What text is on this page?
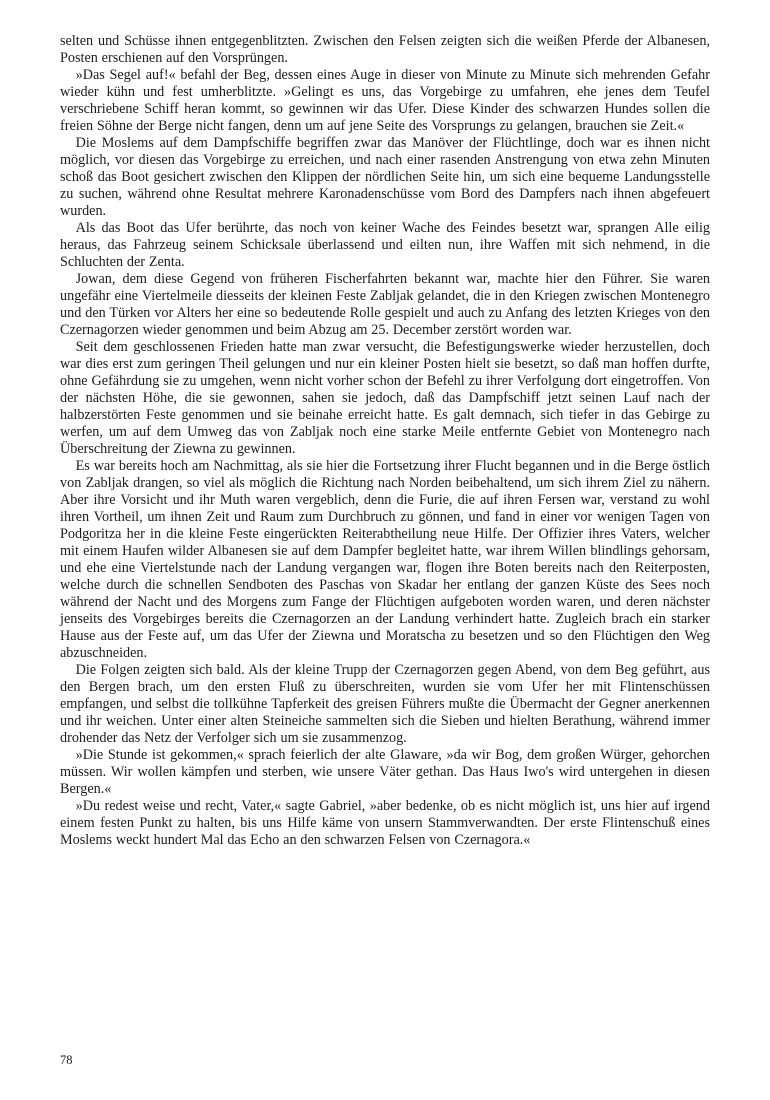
selten und Schüsse ihnen entgegenblitzten. Zwischen den Felsen zeigten sich die weißen Pferde der Albanesen, Posten erschienen auf den Vorsprüngen.

»Das Segel auf!« befahl der Beg, dessen eines Auge in dieser von Minute zu Minute sich mehrenden Gefahr wieder kühn und fest umherblitzte. »Gelingt es uns, das Vorgebirge zu umfahren, ehe jenes dem Teufel verschriebene Schiff heran kommt, so gewinnen wir das Ufer. Diese Kinder des schwarzen Hundes sollen die freien Söhne der Berge nicht fangen, denn um auf jene Seite des Vorsprungs zu gelangen, brauchen sie Zeit.«

Die Moslems auf dem Dampfschiffe begriffen zwar das Manöver der Flüchtlinge, doch war es ihnen nicht möglich, vor diesen das Vorgebirge zu erreichen, und nach einer rasenden Anstrengung von etwa zehn Minuten schoß das Boot gesichert zwischen den Klippen der nördlichen Seite hin, um sich eine bequeme Landungsstelle zu suchen, während ohne Resultat mehrere Karonadenschüsse vom Bord des Dampfers nach ihnen abgefeuert wurden.

Als das Boot das Ufer berührte, das noch von keiner Wache des Feindes besetzt war, sprangen Alle eilig heraus, das Fahrzeug seinem Schicksale überlassend und eilten nun, ihre Waffen mit sich nehmend, in die Schluchten der Zenta.

Jowan, dem diese Gegend von früheren Fischerfahrten bekannt war, machte hier den Führer. Sie waren ungefähr eine Viertelmeile diesseits der kleinen Feste Zabljak gelandet, die in den Kriegen zwischen Montenegro und den Türken vor Alters her eine so bedeutende Rolle gespielt und auch zu Anfang des letzten Krieges von den Czernagorzen wieder genommen und beim Abzug am 25. December zerstört worden war.

Seit dem geschlossenen Frieden hatte man zwar versucht, die Befestigungswerke wieder herzustellen, doch war dies erst zum geringen Theil gelungen und nur ein kleiner Posten hielt sie besetzt, so daß man hoffen durfte, ohne Gefährdung sie zu umgehen, wenn nicht vorher schon der Befehl zu ihrer Verfolgung dort eingetroffen. Von der nächsten Höhe, die sie gewonnen, sahen sie jedoch, daß das Dampfschiff jetzt seinen Lauf nach der halbzerstörten Feste genommen und sie beinahe erreicht hatte. Es galt demnach, sich tiefer in das Gebirge zu werfen, um auf dem Umweg das von Zabljak noch eine starke Meile entfernte Gebiet von Montenegro nach Überschreitung der Ziewna zu gewinnen.

Es war bereits hoch am Nachmittag, als sie hier die Fortsetzung ihrer Flucht begannen und in die Berge östlich von Zabljak drangen, so viel als möglich die Richtung nach Norden beibehaltend, um sich ihrem Ziel zu nähern. Aber ihre Vorsicht und ihr Muth waren vergeblich, denn die Furie, die auf ihren Fersen war, verstand zu wohl ihren Vortheil, um ihnen Zeit und Raum zum Durchbruch zu gönnen, und fand in einer vor wenigen Tagen von Podgoritza her in die kleine Feste eingerückten Reiterabtheilung neue Hilfe. Der Offizier ihres Vaters, welcher mit einem Haufen wilder Albanesen sie auf dem Dampfer begleitet hatte, war ihrem Willen blindlings gehorsam, und ehe eine Viertelstunde nach der Landung vergangen war, flogen ihre Boten bereits nach den Reiterposten, welche durch die schnellen Sendboten des Paschas von Skadar her entlang der ganzen Küste des Sees noch während der Nacht und des Morgens zum Fange der Flüchtigen aufgeboten worden waren, und deren nächster jenseits des Vorgebirges bereits die Czernagorzen an der Landung verhindert hatte. Zugleich brach ein starker Hause aus der Feste auf, um das Ufer der Ziewna und Moratscha zu besetzen und so den Flüchtigen den Weg abzuschneiden.

Die Folgen zeigten sich bald. Als der kleine Trupp der Czernagorzen gegen Abend, von dem Beg geführt, aus den Bergen brach, um den ersten Fluß zu überschreiten, wurden sie vom Ufer her mit Flintenschüssen empfangen, und selbst die tollkühne Tapferkeit des greisen Führers mußte die Übermacht der Gegner anerkennen und ihr weichen. Unter einer alten Steineiche sammelten sich die Sieben und hielten Berathung, während immer drohender das Netz der Verfolger sich um sie zusammenzog.

»Die Stunde ist gekommen,« sprach feierlich der alte Glaware, »da wir Bog, dem großen Würger, gehorchen müssen. Wir wollen kämpfen und sterben, wie unsere Väter gethan. Das Haus Iwo's wird untergehen in diesen Bergen.«

»Du redest weise und recht, Vater,« sagte Gabriel, »aber bedenke, ob es nicht möglich ist, uns hier auf irgend einem festen Punkt zu halten, bis uns Hilfe käme von unsern Stammverwandten. Der erste Flintenschuß eines Moslems weckt hundert Mal das Echo an den schwarzen Felsen von Czernagora.«

78
